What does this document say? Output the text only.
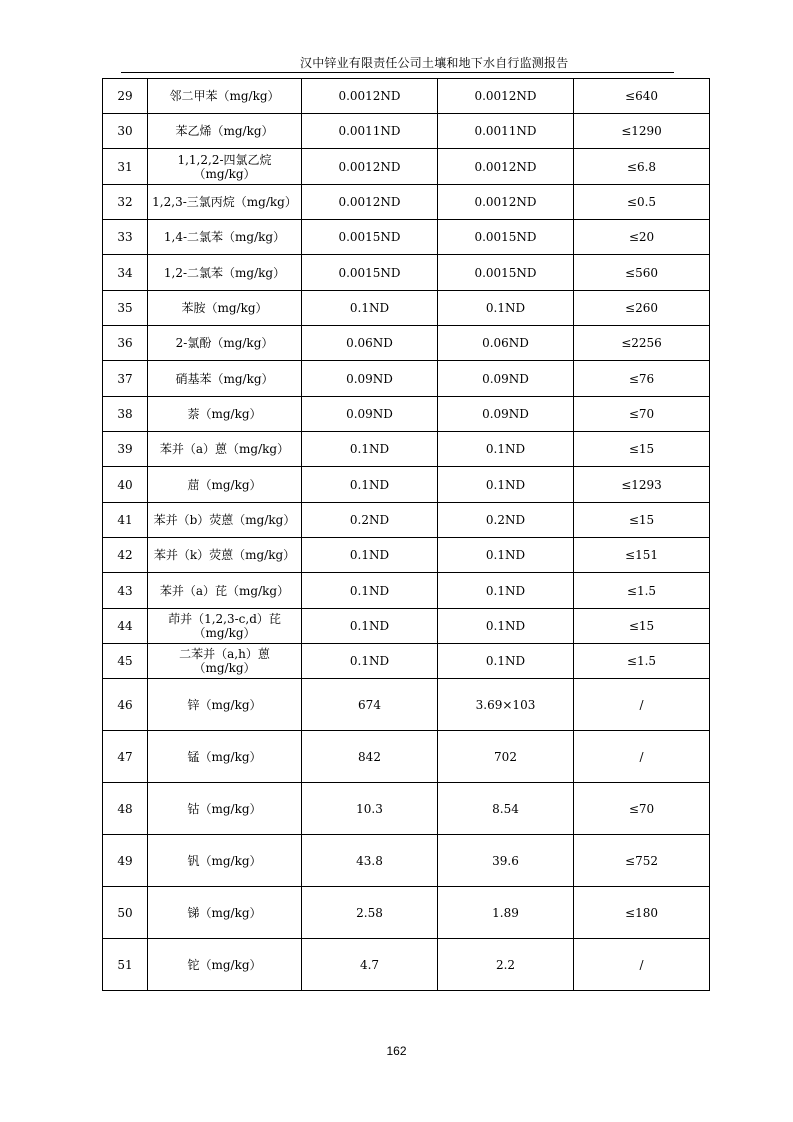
汉中锌业有限责任公司土壤和地下水自行监测报告
29	邻二甲苯（mg/kg）	0.0012ND	0.0012ND	≤640
30	苯乙烯（mg/kg）	0.0011ND	0.0011ND	≤1290
31	1,1,2,2-四氯乙烷（mg/kg）	0.0012ND	0.0012ND	≤6.8
32	1,2,3-三氯丙烷（mg/kg）	0.0012ND	0.0012ND	≤0.5
33	1,4-二氯苯（mg/kg）	0.0015ND	0.0015ND	≤20
34	1,2-二氯苯（mg/kg）	0.0015ND	0.0015ND	≤560
35	苯胺（mg/kg）	0.1ND	0.1ND	≤260
36	2-氯酚（mg/kg）	0.06ND	0.06ND	≤2256
37	硝基苯（mg/kg）	0.09ND	0.09ND	≤76
38	萘（mg/kg）	0.09ND	0.09ND	≤70
39	苯并（a）蒽（mg/kg）	0.1ND	0.1ND	≤15
40	䓛（mg/kg）	0.1ND	0.1ND	≤1293
41	苯并（b）荧蒽（mg/kg）	0.2ND	0.2ND	≤15
42	苯并（k）荧蒽（mg/kg）	0.1ND	0.1ND	≤151
43	苯并（a）芘（mg/kg）	0.1ND	0.1ND	≤1.5
44	茚并（1,2,3-c,d）芘（mg/kg）	0.1ND	0.1ND	≤15
45	二苯并（a,h）蒽（mg/kg）	0.1ND	0.1ND	≤1.5
46	锌（mg/kg）	674	3.69×103	/
47	锰（mg/kg）	842	702	/
48	钴（mg/kg）	10.3	8.54	≤70
49	钒（mg/kg）	43.8	39.6	≤752
50	锑（mg/kg）	2.58	1.89	≤180
51	铊（mg/kg）	4.7	2.2	/
162
